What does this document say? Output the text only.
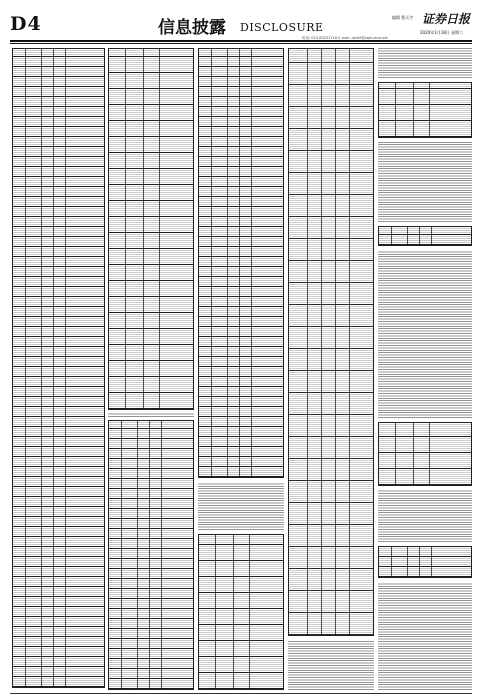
D4	信息披露 DISCLOSURE
编辑 程天宇 证券日报
2020年1月18日 星期六
电话: 010-83251716 E-mail: zqrb9@zqrb.sina.net
